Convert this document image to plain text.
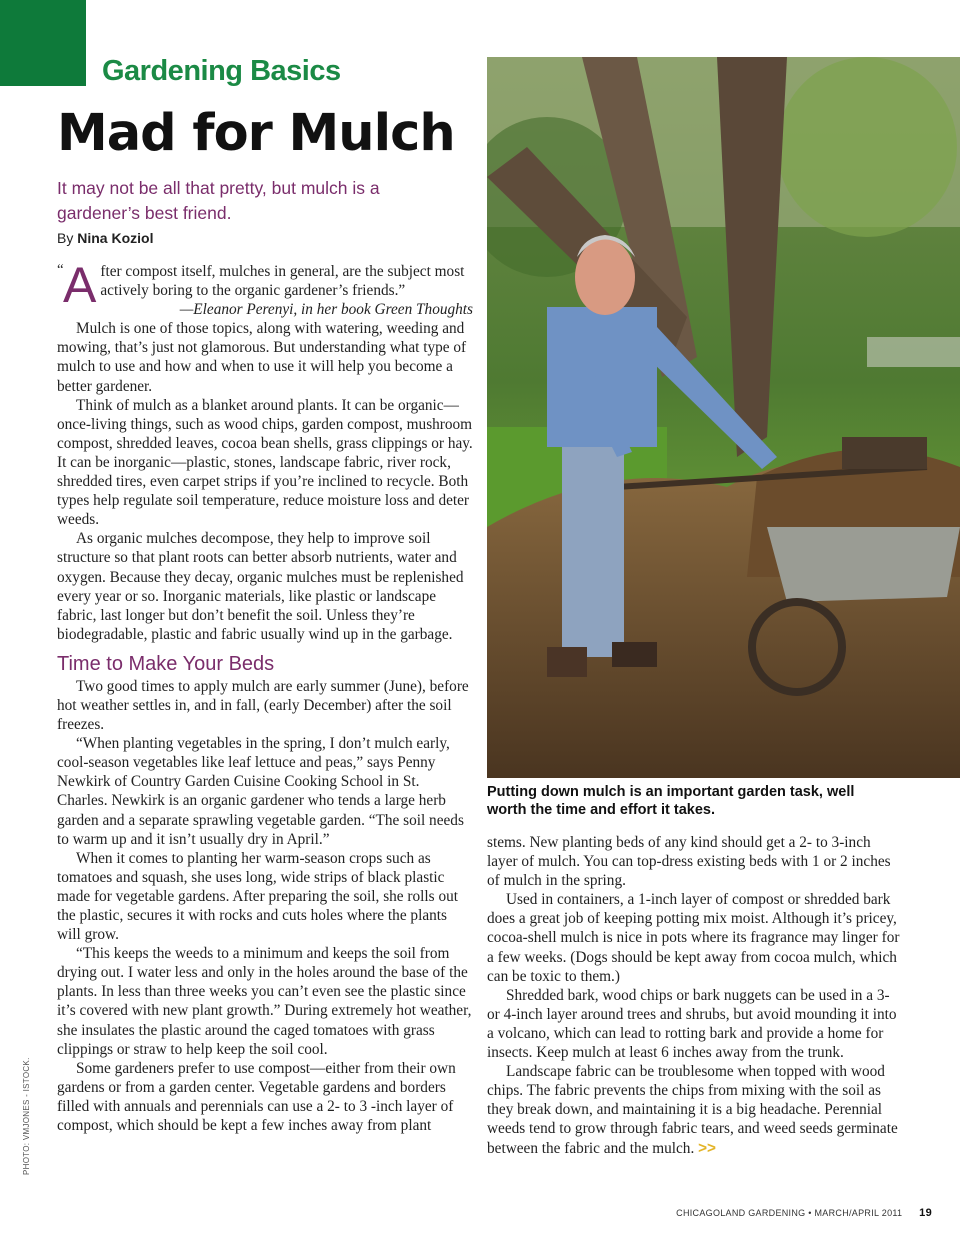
Gardening Basics
Mad for Mulch
It may not be all that pretty, but mulch is a gardener’s best friend.
By Nina Koziol
“ After compost itself, mulches in general, are the subject most actively boring to the organic gardener’s friends.”

—Eleanor Perenyi, in her book Green Thoughts

Mulch is one of those topics, along with watering, weeding and mowing, that’s just not glamorous. But understanding what type of mulch to use and how and when to use it will help you become a better gardener.

Think of mulch as a blanket around plants. It can be organic—once-living things, such as wood chips, garden compost, mushroom compost, shredded leaves, cocoa bean shells, grass clippings or hay. It can be inorganic—plastic, stones, landscape fabric, river rock, shredded tires, even carpet strips if you’re inclined to recycle. Both types help regulate soil temperature, reduce moisture loss and deter weeds.

As organic mulches decompose, they help to improve soil structure so that plant roots can better absorb nutrients, water and oxygen. Because they decay, organic mulches must be replenished every year or so. Inorganic materials, like plastic or landscape fabric, last longer but don’t benefit the soil. Unless they’re biodegradable, plastic and fabric usually wind up in the garbage.

Time to Make Your Beds

Two good times to apply mulch are early summer (June), before hot weather settles in, and in fall, (early December) after the soil freezes.

“When planting vegetables in the spring, I don’t mulch early, cool-season vegetables like leaf lettuce and peas,” says Penny Newkirk of Country Garden Cuisine Cooking School in St. Charles. Newkirk is an organic gardener who tends a large herb garden and a separate sprawling vegetable garden. “The soil needs to warm up and it isn’t usually dry in April.”

When it comes to planting her warm-season crops such as tomatoes and squash, she uses long, wide strips of black plastic made for vegetable gardens. After preparing the soil, she rolls out the plastic, secures it with rocks and cuts holes where the plants will grow.

“This keeps the weeds to a minimum and keeps the soil from drying out. I water less and only in the holes around the base of the plants. In less than three weeks you can’t even see the plastic since it’s covered with new plant growth.” During extremely hot weather, she insulates the plastic around the caged tomatoes with grass clippings or straw to help keep the soil cool.

Some gardeners prefer to use compost—either from their own gardens or from a garden center. Vegetable gardens and borders filled with annuals and perennials can use a 2- to 3 -inch layer of compost, which should be kept a few inches away from plant

Putting down mulch is an important garden task, well worth the time and effort it takes.
PHOTO: VMJONES - ISTOCK.

stems. New planting beds of any kind should get a 2- to 3-inch layer of mulch. You can top-dress existing beds with 1 or 2 inches of mulch in the spring.

Used in containers, a 1-inch layer of compost or shredded bark does a great job of keeping potting mix moist. Although it’s pricey, cocoa-shell mulch is nice in pots where its fragrance may linger for a few weeks. (Dogs should be kept away from cocoa mulch, which can be toxic to them.)

Shredded bark, wood chips or bark nuggets can be used in a 3- or 4-inch layer around trees and shrubs, but avoid mounding it into a volcano, which can lead to rotting bark and provide a home for insects. Keep mulch at least 6 inches away from the trunk.

Landscape fabric can be troublesome when topped with wood chips. The fabric prevents the chips from mixing with the soil as they break down, and maintaining it is a big headache. Perennial weeds tend to grow through fabric tears, and weed seeds germinate between the fabric and the mulch. >>

CHICAGOLAND GARDENING • MARCH/APRIL 2011 19
